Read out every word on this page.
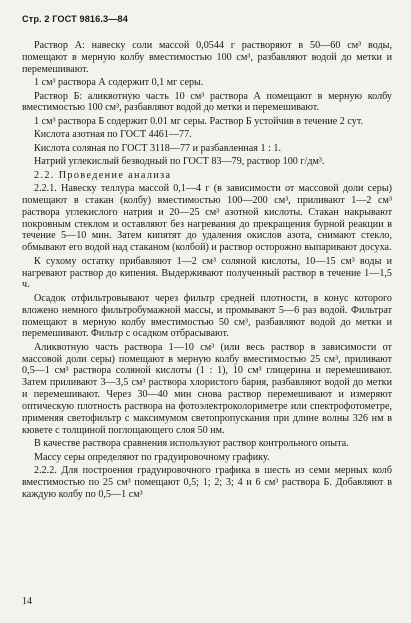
Стр. 2 ГОСТ 9816.3—84

Раствор А: навеску соли массой 0,0544 г растворяют в 50—60 см³ воды, помещают в мерную колбу вместимостью 100 см³, разбавляют водой до метки и перемешивают.

1 см³ раствора А содержит 0,1 мг серы.

Раствор Б: аликвотную часть 10 см³ раствора А помещают в мерную колбу вместимостью 100 см³, разбавляют водой до метки и перемешивают.

1 см³ раствора Б содержит 0.01 мг серы. Раствор Б устойчив в течение 2 сут.

Кислота азотная по ГОСТ 4461—77.

Кислота соляная по ГОСТ 3118—77 и разбавленная 1 : 1.

Натрий углекислый безводный по ГОСТ 83—79, раствор 100 г/дм³.

2.2. Проведение анализа

2.2.1. Навеску теллура массой 0,1—4 г (в зависимости от массовой доли серы) помещают в стакан (колбу) вместимостью 100—200 см³, приливают 1—2 см³ раствора углекислого натрия и 20—25 см³ азотной кислоты. Стакан накрывают покровным стеклом и оставляют без нагревания до прекращения бурной реакции в течение 5—10 мин. Затем кипятят до удаления окислов азота, снимают стекло, обмывают его водой над стаканом (колбой) и раствор осторожно выпаривают досуха.

К сухому остатку прибавляют 1—2 см³ соляной кислоты, 10—15 см³ воды и нагревают раствор до кипения. Выдерживают полученный раствор в течение 1—1,5 ч.

Осадок отфильтровывают через фильтр средней плотности, в конус которого вложено немного фильтробумажной массы, и промывают 5—6 раз водой. Фильтрат помещают в мерную колбу вместимостью 50 см³, разбавляют водой до метки и перемешивают. Фильтр с осадком отбрасывают.

Аликвотную часть раствора 1—10 см³ (или весь раствор в зависимости от массовой доли серы) помещают в мерную колбу вместимостью 25 см³, приливают 0,5—1 см³ раствора соляной кислоты (1 : 1), 10 см³ глицерина и перемешивают. Затем приливают 3—3,5 см³ раствора хлористого бария, разбавляют водой до метки и перемешивают. Через 30—40 мин снова раствор перемешивают и измеряют оптическую плотность раствора на фотоэлектроколориметре или спектрофотометре, применяя светофильтр с максимумом светопропускания при длине волны 326 нм в кювете с толщиной поглощающего слоя 50 нм.

В качестве раствора сравнения используют раствор контрольного опыта.

Массу серы определяют по градуировочному графику.

2.2.2. Для построения градуировочного графика в шесть из семи мерных колб вместимостью по 25 см³ помещают 0,5; 1; 2; 3; 4 и 6 см³ раствора Б. Добавляют в каждую колбу по 0,5—1 см³

14
